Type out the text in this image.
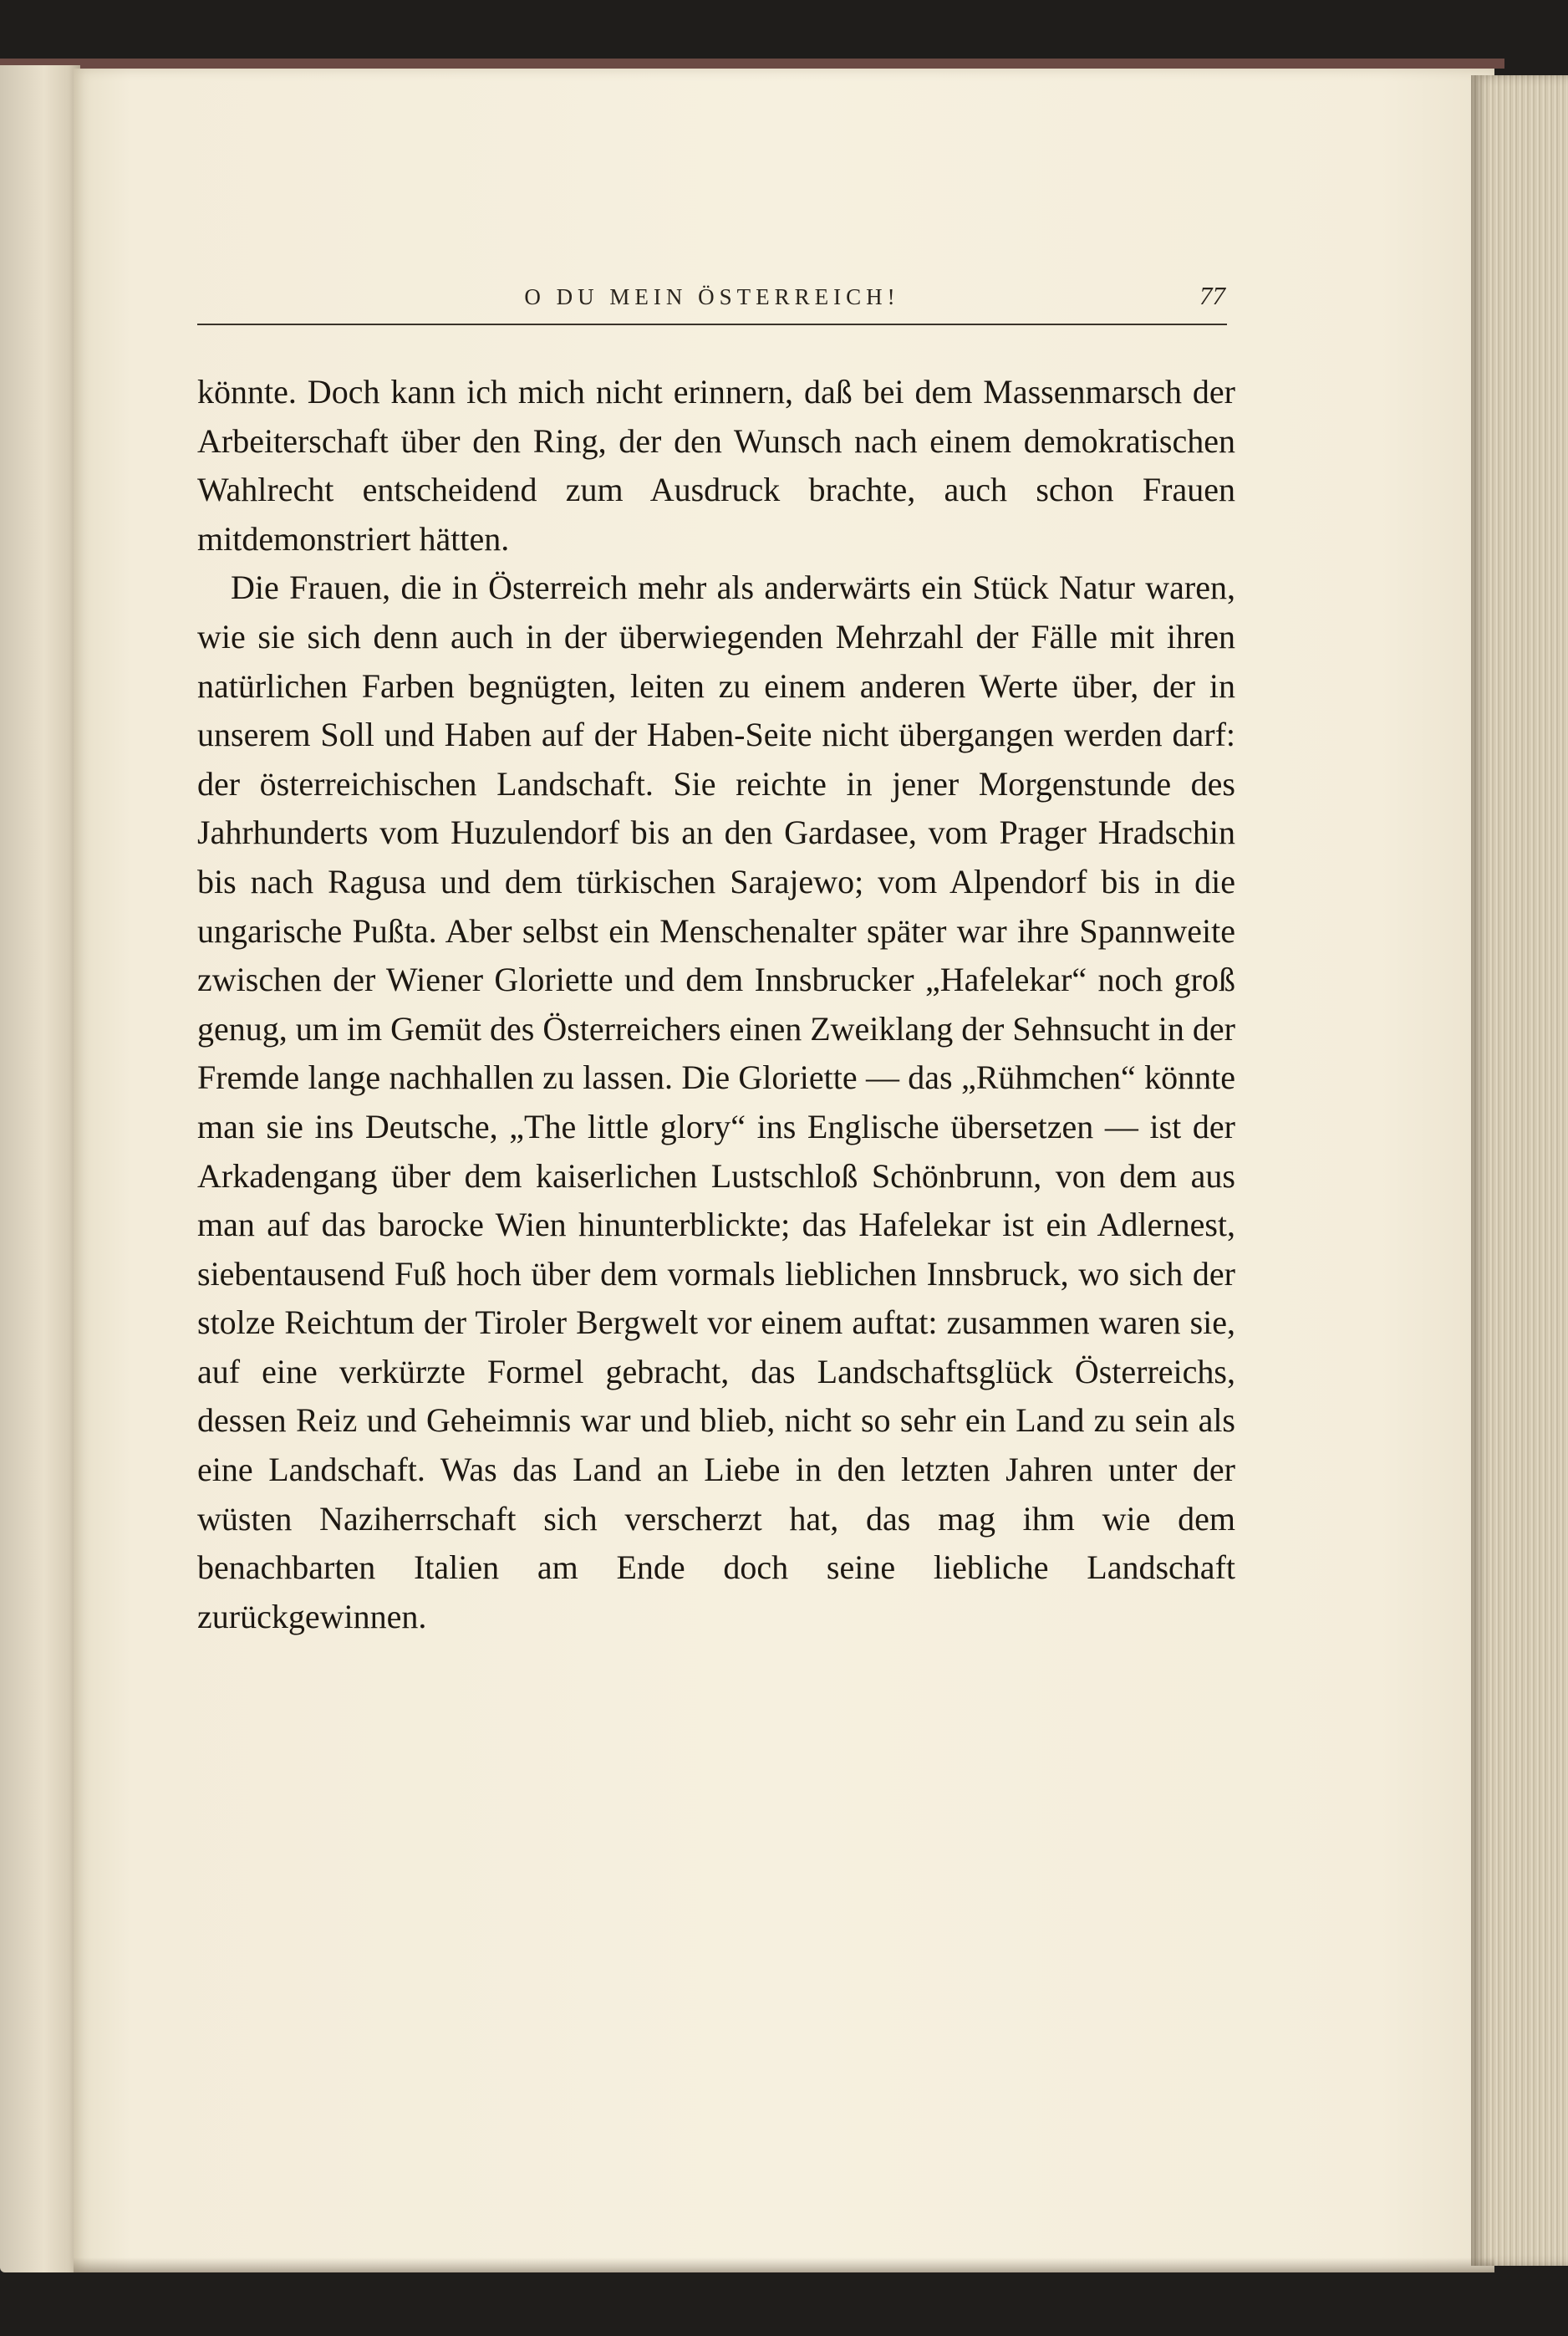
O DU MEIN ÖSTERREICH!	77

könnte. Doch kann ich mich nicht erinnern, daß bei dem Massenmarsch der Arbeiterschaft über den Ring, der den Wunsch nach einem demokratischen Wahlrecht entscheidend zum Ausdruck brachte, auch schon Frauen mitdemonstriert hätten.

Die Frauen, die in Österreich mehr als anderwärts ein Stück Natur waren, wie sie sich denn auch in der überwiegenden Mehrzahl der Fälle mit ihren natürlichen Farben begnügten, leiten zu einem anderen Werte über, der in unserem Soll und Haben auf der Haben-Seite nicht übergangen werden darf: der österreichischen Landschaft. Sie reichte in jener Morgenstunde des Jahrhunderts vom Huzulendorf bis an den Gardasee, vom Prager Hradschin bis nach Ragusa und dem türkischen Sarajewo; vom Alpendorf bis in die ungarische Pußta. Aber selbst ein Menschenalter später war ihre Spannweite zwischen der Wiener Gloriette und dem Innsbrucker „Hafelekar“ noch groß genug, um im Gemüt des Österreichers einen Zweiklang der Sehnsucht in der Fremde lange nachhallen zu lassen. Die Gloriette — das „Rühmchen“ könnte man sie ins Deutsche, „The little glory“ ins Englische übersetzen — ist der Arkadengang über dem kaiserlichen Lustschloß Schönbrunn, von dem aus man auf das barocke Wien hinunterblickte; das Hafelekar ist ein Adlernest, siebentausend Fuß hoch über dem vormals lieblichen Innsbruck, wo sich der stolze Reichtum der Tiroler Bergwelt vor einem auftat: zusammen waren sie, auf eine verkürzte Formel gebracht, das Landschaftsglück Österreichs, dessen Reiz und Geheimnis war und blieb, nicht so sehr ein Land zu sein als eine Landschaft. Was das Land an Liebe in den letzten Jahren unter der wüsten Naziherrschaft sich verscherzt hat, das mag ihm wie dem benachbarten Italien am Ende doch seine liebliche Landschaft zurückgewinnen.
